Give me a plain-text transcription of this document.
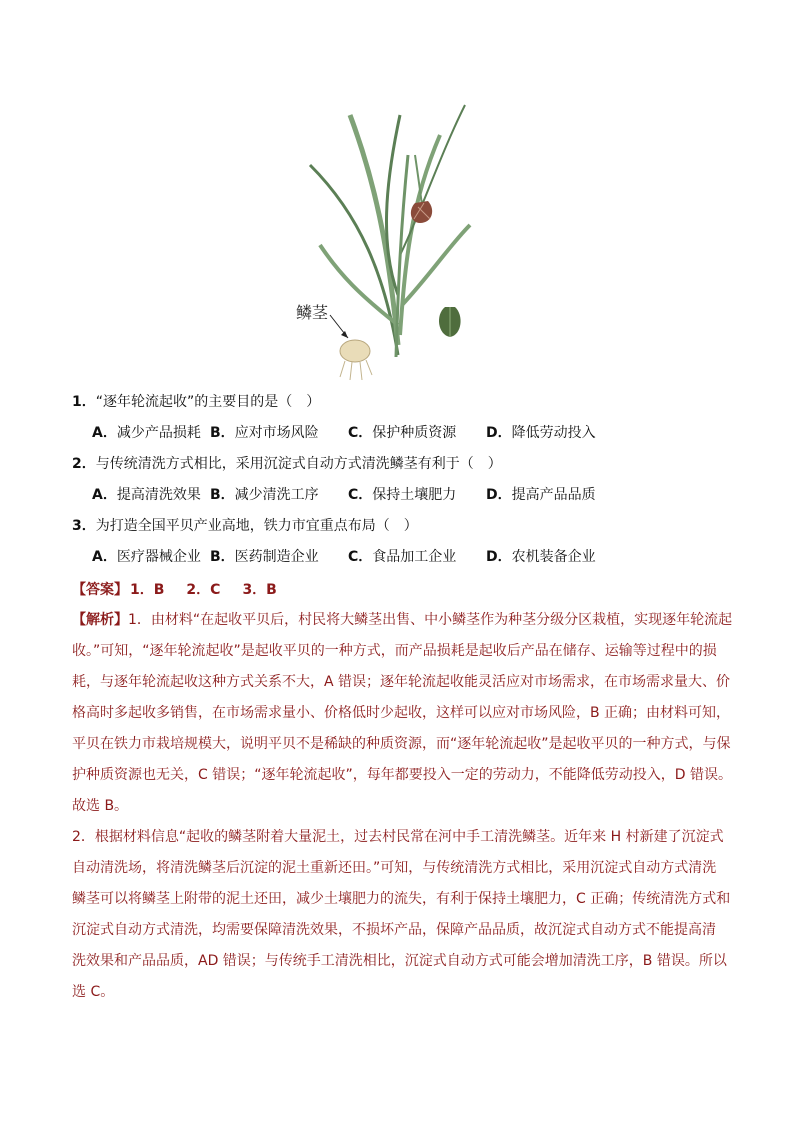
鳞茎
1．“逐年轮流起收”的主要目的是（　）
A．减少产品损耗 B．应对市场风险 C．保护种质资源 D．降低劳动投入
2．与传统清洗方式相比，采用沉淀式自动方式清洗鳞茎有利于（　）
A．提高清洗效果 B．减少清洗工序 C．保持土壤肥力 D．提高产品品质
3．为打造全国平贝产业高地，铁力市宜重点布局（　）
A．医疗器械企业 B．医药制造企业 C．食品加工企业 D．农机装备企业
【答案】 1．B 2．C 3．B
【解析】1．由材料“在起收平贝后，村民将大鳞茎出售、中小鳞茎作为种茎分级分区栽植，实现逐年轮流起
收。”可知，“逐年轮流起收”是起收平贝的一种方式，而产品损耗是起收后产品在储存、运输等过程中的损
耗，与逐年轮流起收这种方式关系不大，A 错误；逐年轮流起收能灵活应对市场需求，在市场需求量大、价
格高时多起收多销售，在市场需求量小、价格低时少起收，这样可以应对市场风险，B 正确；由材料可知，
平贝在铁力市栽培规模大，说明平贝不是稀缺的种质资源，而“逐年轮流起收”是起收平贝的一种方式，与保
护种质资源也无关，C 错误；“逐年轮流起收”，每年都要投入一定的劳动力，不能降低劳动投入，D 错误。
故选 B。
2．根据材料信息“起收的鳞茎附着大量泥土，过去村民常在河中手工清洗鳞茎。近年来 H 村新建了沉淀式
自动清洗场，将清洗鳞茎后沉淀的泥土重新还田。”可知，与传统清洗方式相比，采用沉淀式自动方式清洗
鳞茎可以将鳞茎上附带的泥土还田，减少土壤肥力的流失，有利于保持土壤肥力，C 正确；传统清洗方式和
沉淀式自动方式清洗，均需要保障清洗效果，不损坏产品，保障产品品质，故沉淀式自动方式不能提高清
洗效果和产品品质，AD 错误；与传统手工清洗相比，沉淀式自动方式可能会增加清洗工序，B 错误。所以
选 C。
